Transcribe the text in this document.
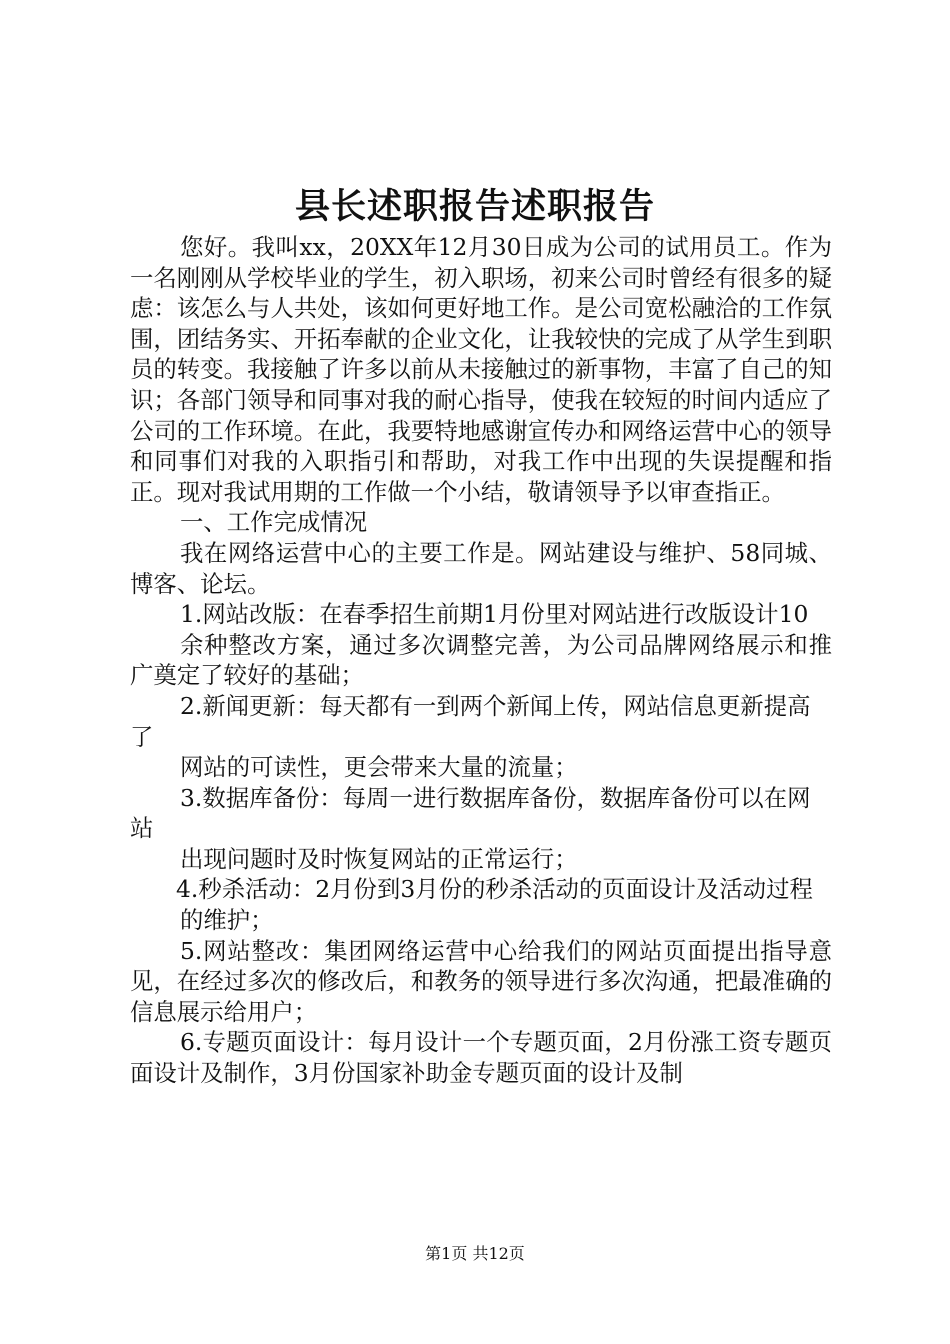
县长述职报告述职报告

您好。我叫xx，20XX年12月30日成为公司的试用员工。作为一名刚刚从学校毕业的学生，初入职场，初来公司时曾经有很多的疑虑：该怎么与人共处，该如何更好地工作。是公司宽松融洽的工作氛围，团结务实、开拓奉献的企业文化，让我较快的完成了从学生到职员的转变。我接触了许多以前从未接触过的新事物，丰富了自己的知识；各部门领导和同事对我的耐心指导，使我在较短的时间内适应了公司的工作环境。在此，我要特地感谢宣传办和网络运营中心的领导和同事们对我的入职指引和帮助，对我工作中出现的失误提醒和指正。现对我试用期的工作做一个小结，敬请领导予以审查指正。

一、工作完成情况

我在网络运营中心的主要工作是。网站建设与维护、58同城、博客、论坛。

1.网站改版：在春季招生前期1月份里对网站进行改版设计10

余种整改方案，通过多次调整完善，为公司品牌网络展示和推广奠定了较好的基础；

2.新闻更新：每天都有一到两个新闻上传，网站信息更新提高了

网站的可读性，更会带来大量的流量；

3.数据库备份：每周一进行数据库备份，数据库备份可以在网站

出现问题时及时恢复网站的正常运行；

4.秒杀活动：2月份到3月份的秒杀活动的页面设计及活动过程

的维护；

5.网站整改：集团网络运营中心给我们的网站页面提出指导意见，在经过多次的修改后，和教务的领导进行多次沟通，把最准确的信息展示给用户；

6.专题页面设计：每月设计一个专题页面，2月份涨工资专题页面设计及制作，3月份国家补助金专题页面的设计及制

第1页 共12页
